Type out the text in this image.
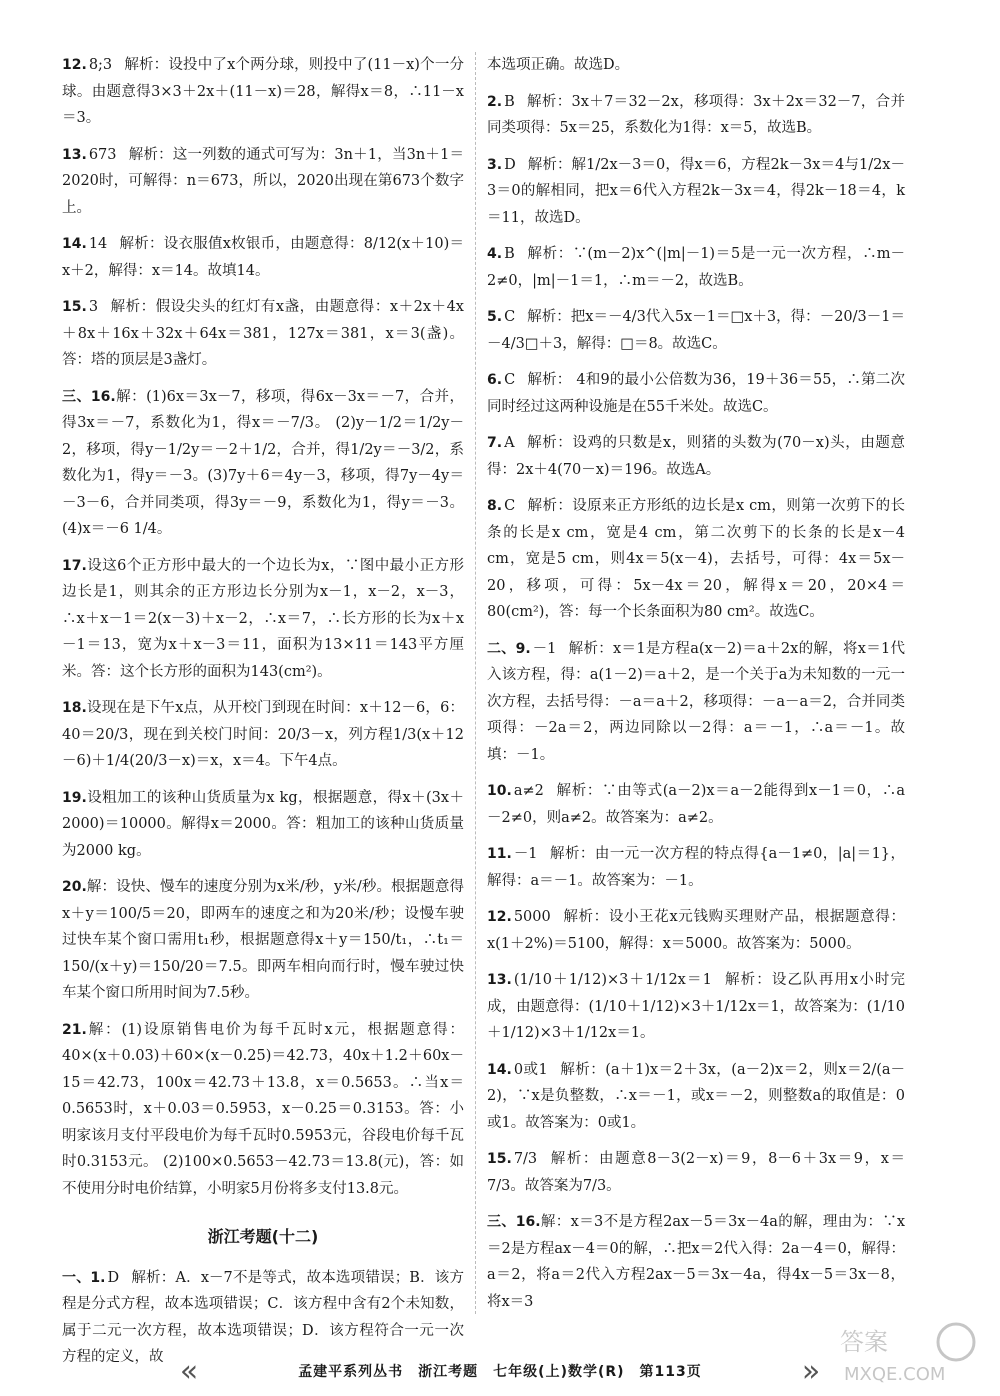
12. 8;3 解析：设投中了x个两分球，则投中了(11－x)个一分球。由题意得3×3＋2x＋(11－x)＝28，解得x＝8，∴11－x＝3。
13. 673 解析：这一列数的通式可写为：3n＋1，当3n＋1＝2020时，可解得：n＝673，所以，2020出现在第673个数字上。
14. 14 解析：设衣服值x枚银币，由题意得：8/12(x＋10)＝x＋2，解得：x＝14。故填14。
15. 3 解析：假设尖头的红灯有x盏，由题意得：x＋2x＋4x＋8x＋16x＋32x＋64x＝381，127x＝381，x＝3(盏)。答：塔的顶层是3盏灯。
三、16.解：(1)6x＝3x－7，移项，得6x－3x＝－7，合并，得3x＝－7，系数化为1，得x＝－7/3。 (2)y－1/2＝1/2y－2，移项，得y－1/2y＝－2＋1/2，合并，得1/2y＝－3/2，系数化为1，得y＝－3。(3)7y＋6＝4y－3，移项，得7y－4y＝－3－6，合并同类项，得3y＝－9，系数化为1，得y＝－3。 (4)x＝－6 1/4。
17.设这6个正方形中最大的一个边长为x，∵图中最小正方形边长是1，则其余的正方形边长分别为x－1，x－2，x－3，∴x＋x－1＝2(x－3)＋x－2，∴x＝7，∴长方形的长为x＋x－1＝13，宽为x＋x－3＝11，面积为13×11＝143平方厘米。答：这个长方形的面积为143(cm²)。
18.设现在是下午x点，从开校门到现在时间：x＋12－6，6：40＝20/3，现在到关校门时间：20/3－x，列方程1/3(x＋12－6)＋1/4(20/3－x)＝x，x＝4。下午4点。
19.设粗加工的该种山货质量为x kg，根据题意，得x＋(3x＋2000)＝10000。解得x＝2000。答：粗加工的该种山货质量为2000 kg。
20.解：设快、慢车的速度分别为x米/秒，y米/秒。根据题意得x＋y＝100/5＝20，即两车的速度之和为20米/秒；设慢车驶过快车某个窗口需用t₁秒，根据题意得x＋y＝150/t₁，∴t₁＝150/(x＋y)＝150/20＝7.5。即两车相向而行时，慢车驶过快车某个窗口所用时间为7.5秒。
21.解：(1)设原销售电价为每千瓦时x元，根据题意得：40×(x＋0.03)＋60×(x－0.25)＝42.73，40x＋1.2＋60x－15＝42.73，100x＝42.73＋13.8，x＝0.5653。∴当x＝0.5653时，x＋0.03＝0.5953，x－0.25＝0.3153。答：小明家该月支付平段电价为每千瓦时0.5953元，谷段电价每千瓦时0.3153元。 (2)100×0.5653－42.73＝13.8(元)，答：如不使用分时电价结算，小明家5月份将多支付13.8元。
浙江考题(十二)
一、1. D 解析：A．x－7不是等式，故本选项错误；B．该方程是分式方程，故本选项错误；C．该方程中含有2个未知数，属于二元一次方程，故本选项错误；D．该方程符合一元一次方程的定义，故
本选项正确。故选D。
2. B 解析：3x＋7＝32－2x，移项得：3x＋2x＝32－7，合并同类项得：5x＝25，系数化为1得：x＝5，故选B。
3. D 解析：解1/2x－3＝0，得x＝6，方程2k－3x＝4与1/2x－3＝0的解相同，把x＝6代入方程2k－3x＝4，得2k－18＝4，k＝11，故选D。
4. B 解析：∵(m－2)x^(|m|－1)＝5是一元一次方程，∴m－2≠0，|m|－1＝1，∴m＝－2，故选B。
5. C 解析：把x＝－4/3代入5x－1＝□x＋3，得：－20/3－1＝－4/3□＋3，解得：□＝8。故选C。
6. C 解析： 4和9的最小公倍数为36，19＋36＝55，∴第二次同时经过这两种设施是在55千米处。故选C。
7. A 解析：设鸡的只数是x，则猪的头数为(70－x)头，由题意得：2x＋4(70－x)＝196。故选A。
8. C 解析：设原来正方形纸的边长是x cm，则第一次剪下的长条的长是x cm，宽是4 cm，第二次剪下的长条的长是x－4 cm，宽是5 cm，则4x＝5(x－4)，去括号，可得：4x＝5x－20，移项，可得：5x－4x＝20，解得x＝20，20×4＝80(cm²)，答：每一个长条面积为80 cm²。故选C。
二、9. －1 解析：x＝1是方程a(x－2)＝a＋2x的解，将x＝1代入该方程，得：a(1－2)＝a＋2，是一个关于a为未知数的一元一次方程，去括号得：－a＝a＋2，移项得：－a－a＝2，合并同类项得：－2a＝2，两边同除以－2得：a＝－1，∴a＝－1。故填：－1。
10. a≠2 解析：∵由等式(a－2)x＝a－2能得到x－1＝0，∴a－2≠0，则a≠2。故答案为：a≠2。
11. －1 解析：由一元一次方程的特点得{a－1≠0，|a|＝1}，解得：a＝－1。故答案为：－1。
12. 5000 解析：设小王花x元钱购买理财产品，根据题意得：x(1＋2%)＝5100，解得：x＝5000。故答案为：5000。
13. (1/10＋1/12)×3＋1/12x＝1 解析：设乙队再用x小时完成，由题意得：(1/10＋1/12)×3＋1/12x＝1，故答案为：(1/10＋1/12)×3＋1/12x＝1。
14. 0或1 解析：(a＋1)x＝2＋3x，(a－2)x＝2，则x＝2/(a－2)，∵x是负整数，∴x＝－1，或x＝－2，则整数a的取值是：0或1。故答案为：0或1。
15. 7/3 解析：由题意8－3(2－x)＝9，8－6＋3x＝9，x＝7/3。故答案为7/3。
三、16.解：x＝3不是方程2ax－5＝3x－4a的解，理由为：∵x＝2是方程ax－4＝0的解，∴把x＝2代入得：2a－4＝0，解得：a＝2，将a＝2代入方程2ax－5＝3x－4a，得4x－5＝3x－8，将x＝3
«	孟建平系列丛书　浙江考题　七年级(上)数学(R)　第113页	»
答案
MXQE.COM
